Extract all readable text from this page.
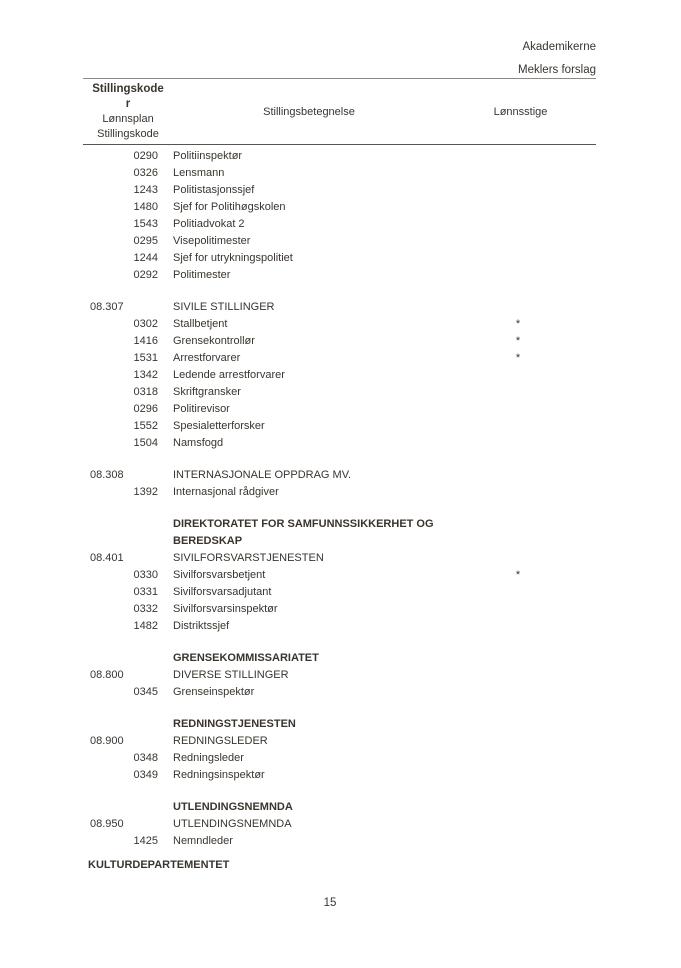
Akademikerne
Meklers forslag
Stillingskode
r
Lønnsplan
Stillingskode
Stillingsbetegnelse	Lønnsstige
0290	Politiinspektør
0326	Lensmann
1243	Politistasjonssjef
1480	Sjef for Politihøgskolen
1543	Politiadvokat 2
0295	Visepolitimester
1244	Sjef for utrykningspolitiet
0292	Politimester
08.307	SIVILE STILLINGER
0302	Stallbetjent	*
1416	Grensekontrollør	*
1531	Arrestforvarer	*
1342	Ledende arrestforvarer
0318	Skriftgransker
0296	Politirevisor
1552	Spesialetterforsker
1504	Namsfogd
08.308	INTERNASJONALE OPPDRAG MV.
1392	Internasjonal rådgiver
DIREKTORATET FOR SAMFUNNSSIKKERHET OG
BEREDSKAP
08.401	SIVILFORSVARSTJENESTEN
0330	Sivilforsvarsbetjent	*
0331	Sivilforsvarsadjutant
0332	Sivilforsvarsinspektør
1482	Distriktssjef
GRENSEKOMMISSARIATET
08.800	DIVERSE STILLINGER
0345	Grenseinspektør
REDNINGSTJENESTEN
08.900	REDNINGSLEDER
0348	Redningsleder
0349	Redningsinspektør
UTLENDINGSNEMNDA
08.950	UTLENDINGSNEMNDA
1425	Nemndleder
KULTURDEPARTEMENTET
15
